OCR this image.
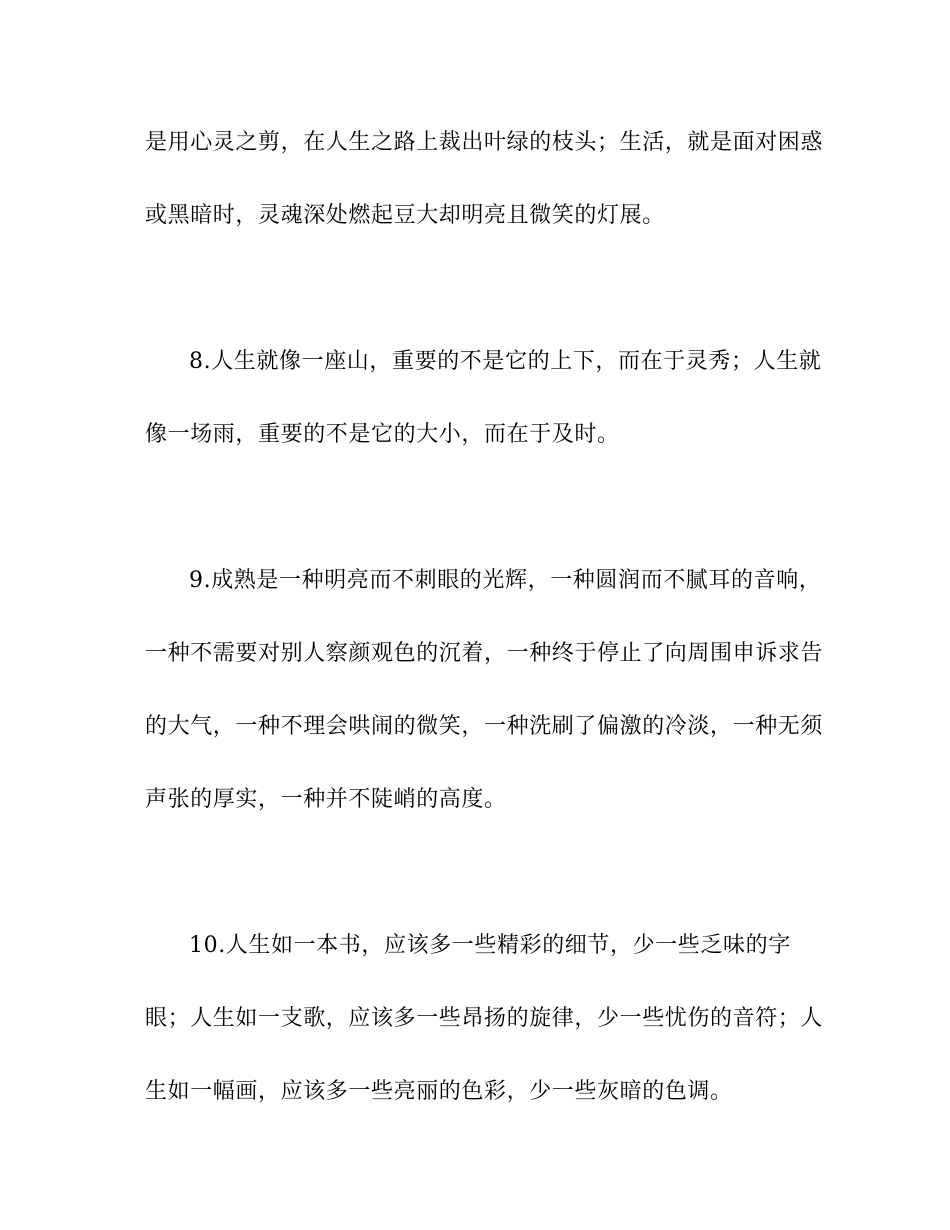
是用心灵之剪，在人生之路上裁出叶绿的枝头；生活，就是面对困惑

或黑暗时，灵魂深处燃起豆大却明亮且微笑的灯展。

8.人生就像一座山，重要的不是它的上下，而在于灵秀；人生就

像一场雨，重要的不是它的大小，而在于及时。

9.成熟是一种明亮而不刺眼的光辉，一种圆润而不腻耳的音响，

一种不需要对别人察颜观色的沉着，一种终于停止了向周围申诉求告

的大气，一种不理会哄闹的微笑，一种洗刷了偏激的冷淡，一种无须

声张的厚实，一种并不陡峭的高度。

10.人生如一本书，应该多一些精彩的细节，少一些乏味的字

眼；人生如一支歌，应该多一些昂扬的旋律，少一些忧伤的音符；人

生如一幅画，应该多一些亮丽的色彩，少一些灰暗的色调。
